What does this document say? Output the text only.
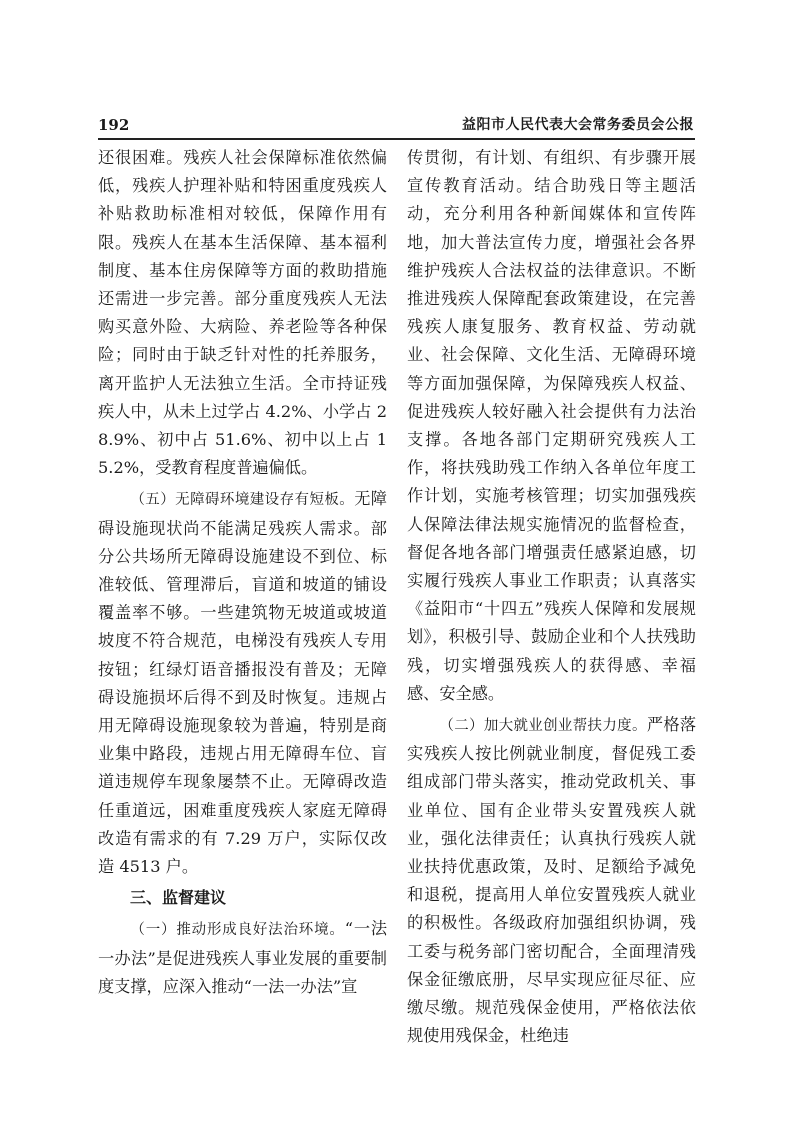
192	益阳市人民代表大会常务委员会公报

还很困难。残疾人社会保障标准依然偏低，残疾人护理补贴和特困重度残疾人补贴救助标准相对较低，保障作用有限。残疾人在基本生活保障、基本福利制度、基本住房保障等方面的救助措施还需进一步完善。部分重度残疾人无法购买意外险、大病险、养老险等各种保险；同时由于缺乏针对性的托养服务，离开监护人无法独立生活。全市持证残疾人中，从未上过学占 4.2%、小学占 28.9%、初中占 51.6%、初中以上占 15.2%，受教育程度普遍偏低。

（五）无障碍环境建设存有短板。无障碍设施现状尚不能满足残疾人需求。部分公共场所无障碍设施建设不到位、标准较低、管理滞后，盲道和坡道的铺设覆盖率不够。一些建筑物无坡道或坡道坡度不符合规范，电梯没有残疾人专用按钮；红绿灯语音播报没有普及；无障碍设施损坏后得不到及时恢复。违规占用无障碍设施现象较为普遍，特别是商业集中路段，违规占用无障碍车位、盲道违规停车现象屡禁不止。无障碍改造任重道远，困难重度残疾人家庭无障碍改造有需求的有 7.29 万户，实际仅改造 4513 户。

三、监督建议

（一）推动形成良好法治环境。“一法一办法”是促进残疾人事业发展的重要制度支撑，应深入推动“一法一办法”宣

传贯彻，有计划、有组织、有步骤开展宣传教育活动。结合助残日等主题活动，充分利用各种新闻媒体和宣传阵地，加大普法宣传力度，增强社会各界维护残疾人合法权益的法律意识。不断推进残疾人保障配套政策建设，在完善残疾人康复服务、教育权益、劳动就业、社会保障、文化生活、无障碍环境等方面加强保障，为保障残疾人权益、促进残疾人较好融入社会提供有力法治支撑。各地各部门定期研究残疾人工作，将扶残助残工作纳入各单位年度工作计划，实施考核管理；切实加强残疾人保障法律法规实施情况的监督检查，督促各地各部门增强责任感紧迫感，切实履行残疾人事业工作职责；认真落实《益阳市“十四五”残疾人保障和发展规划》，积极引导、鼓励企业和个人扶残助残，切实增强残疾人的获得感、幸福感、安全感。

（二）加大就业创业帮扶力度。严格落实残疾人按比例就业制度，督促残工委组成部门带头落实，推动党政机关、事业单位、国有企业带头安置残疾人就业，强化法律责任；认真执行残疾人就业扶持优惠政策，及时、足额给予减免和退税，提高用人单位安置残疾人就业的积极性。各级政府加强组织协调，残工委与税务部门密切配合，全面理清残保金征缴底册，尽早实现应征尽征、应缴尽缴。规范残保金使用，严格依法依规使用残保金，杜绝违
